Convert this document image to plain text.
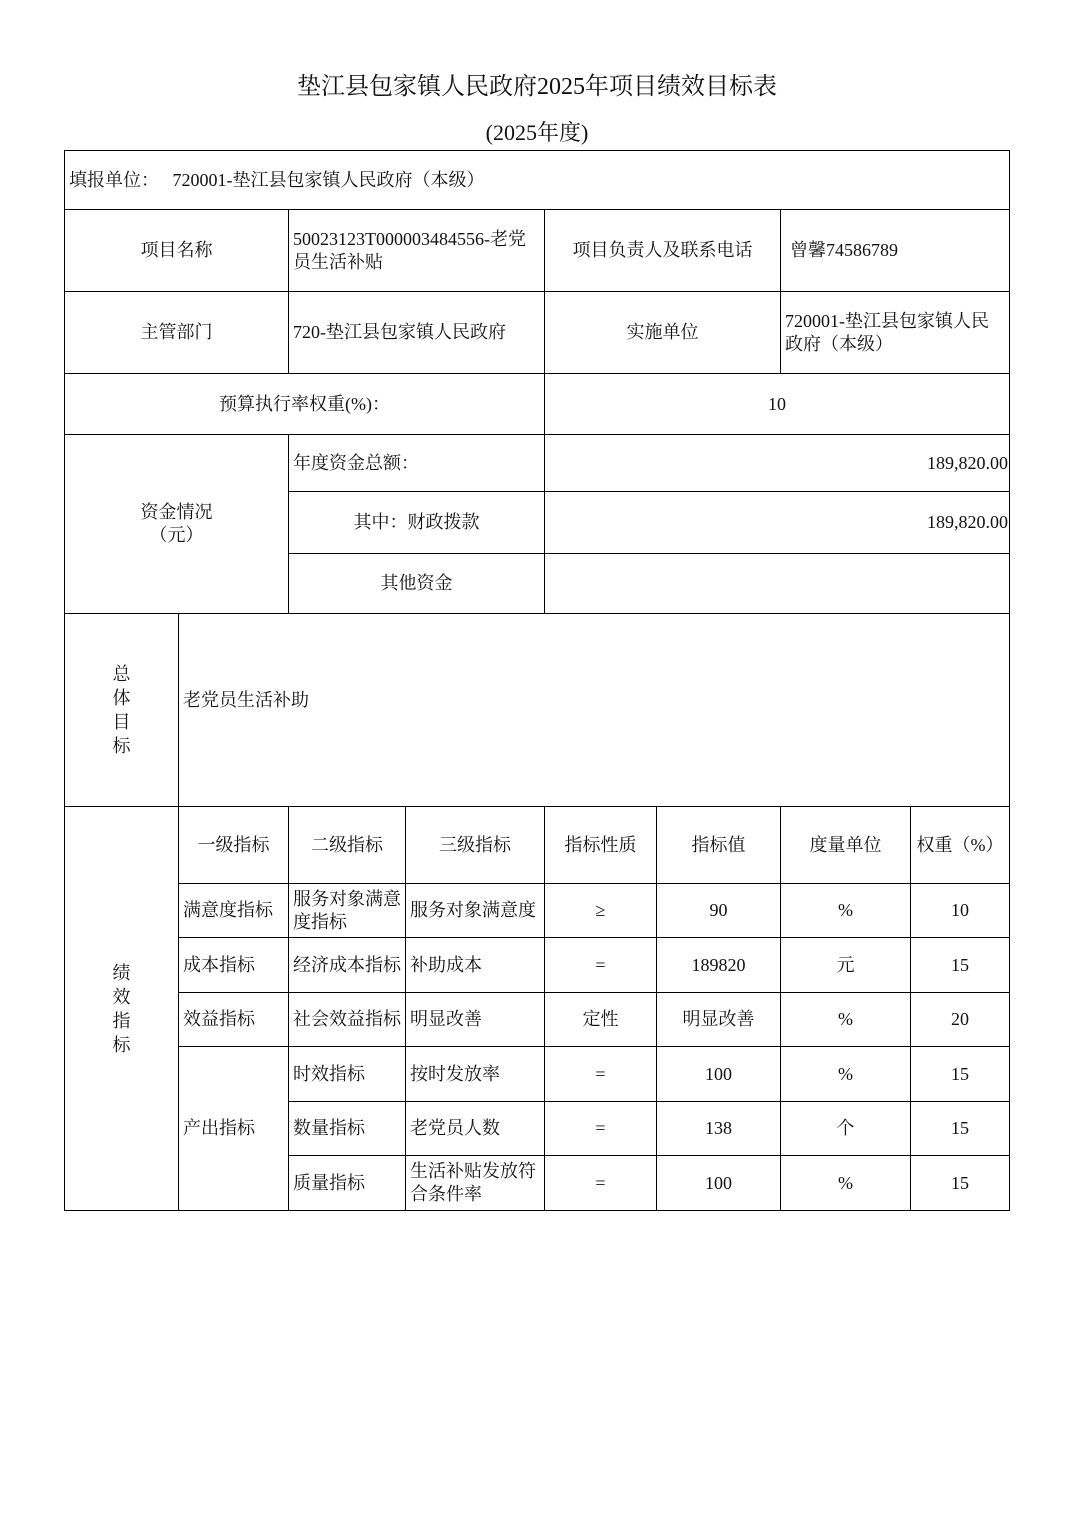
垫江县包家镇人民政府2025年项目绩效目标表
(2025年度)
填报单位： 720001-垫江县包家镇人民政府（本级）							
项目名称		50023123T000003484556-老党员生活补贴		项目负责人及联系电话		曾馨74586789	
主管部门		720-垫江县包家镇人民政府		实施单位		720001-垫江县包家镇人民政府（本级）	
预算执行率权重(%)：				10			
资金情况（元）		年度资金总额：		189,820.00			
		其中：财政拨款		189,820.00			
		其他资金					

总体目标	老党员生活补助						

绩效指标	一级指标	二级指标	三级指标	指标性质	指标值	度量单位	权重（%）
	满意度指标	服务对象满意度指标	服务对象满意度	≥	90	%	10
	成本指标	经济成本指标	补助成本	=	189820	元	15
	效益指标	社会效益指标	明显改善	定性	明显改善	%	20
	产出指标	时效指标	按时发放率	=	100	%	15
		数量指标	老党员人数	=	138	个	15
		质量指标	生活补贴发放符合条件率	=	100	%	15
